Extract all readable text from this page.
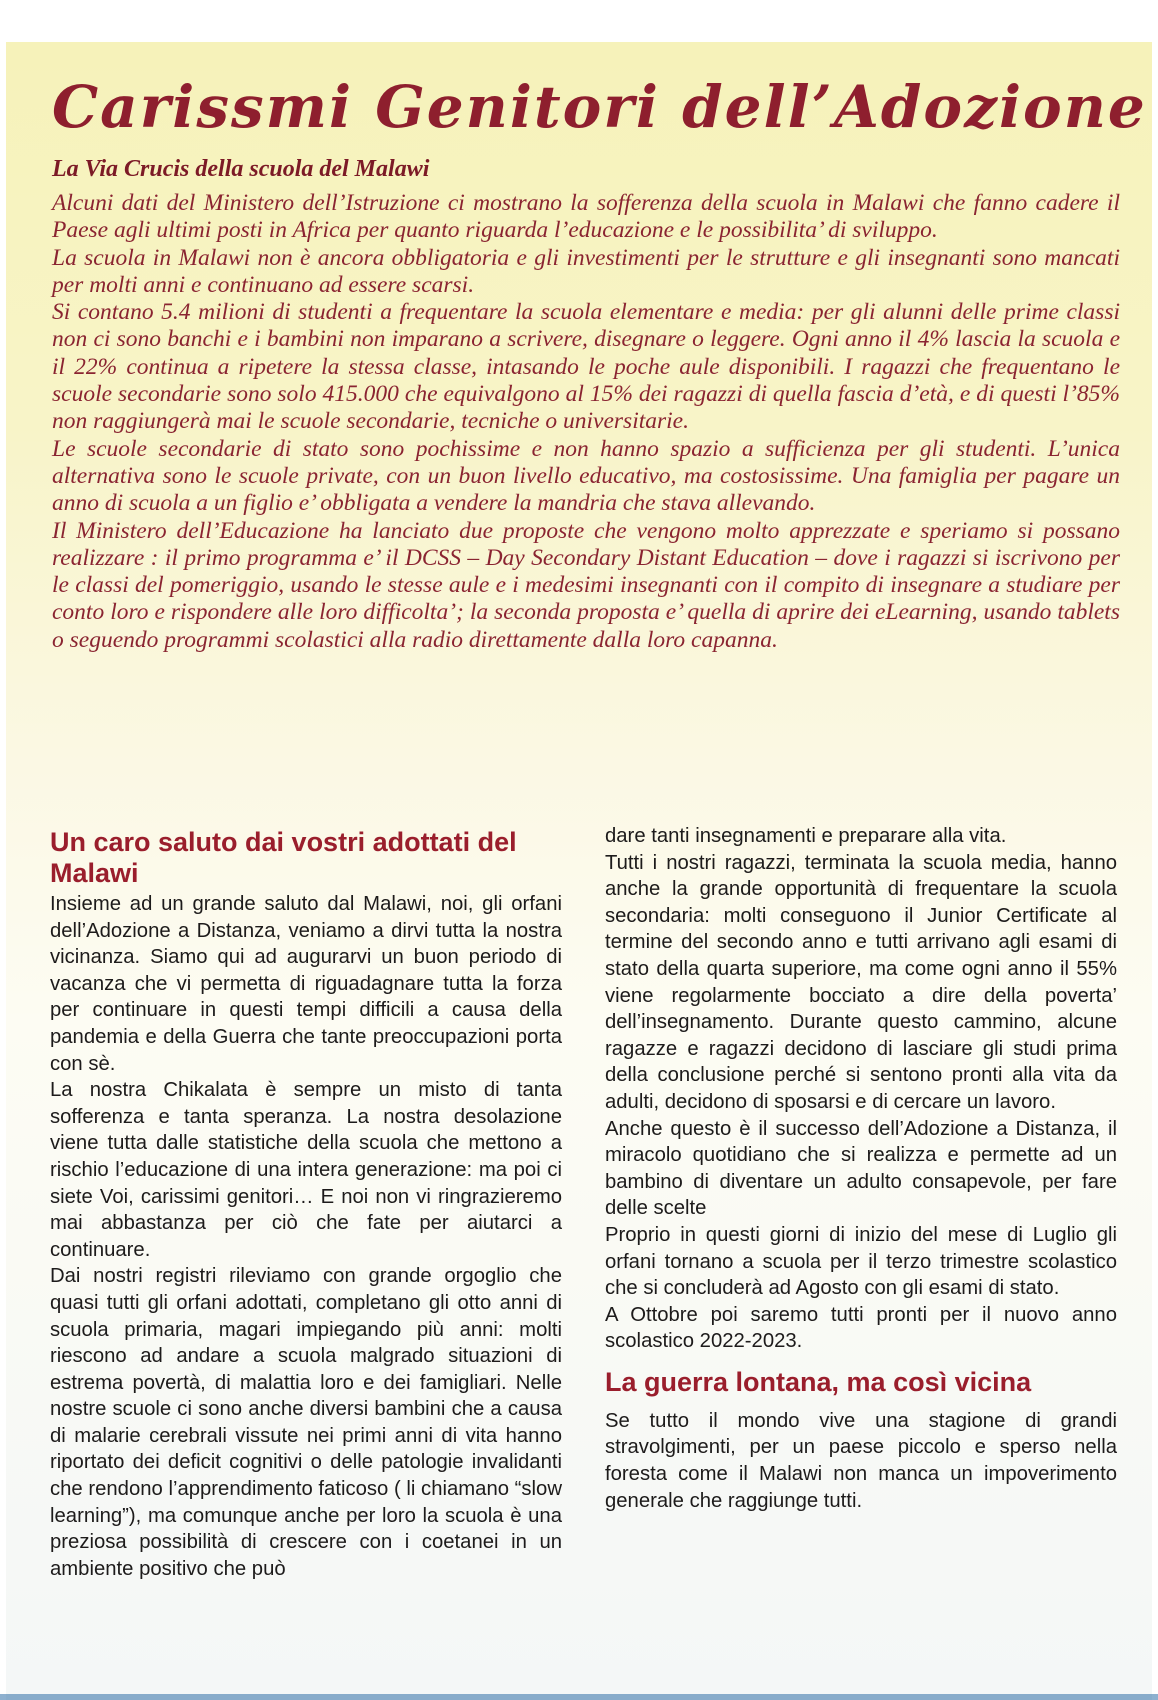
Carissmi Genitori dell’Adozione
La Via Crucis della scuola del Malawi

Alcuni dati del Ministero dell’Istruzione ci mostrano la sofferenza della scuola in Malawi che fanno cadere il Paese agli ultimi posti in Africa per quanto riguarda l’educazione e le possibilita’ di sviluppo.

La scuola in Malawi non è ancora obbligatoria e gli investimenti per le strutture e gli insegnanti sono mancati per molti anni e continuano ad essere scarsi.

Si contano 5.4 milioni di studenti a frequentare la scuola elementare e media: per gli alunni delle prime classi non ci sono banchi e i bambini non imparano a scrivere, disegnare o leggere. Ogni anno il 4% lascia la scuola e il 22% continua a ripetere la stessa classe, intasando le poche aule disponibili. I ragazzi che frequentano le scuole secondarie sono solo 415.000 che equivalgono al 15% dei ragazzi di quella fascia d’età, e di questi l’85% non raggiungerà mai le scuole secondarie, tecniche o universitarie.

Le scuole secondarie di stato sono pochissime e non hanno spazio a sufficienza per gli studenti. L’unica alternativa sono le scuole private, con un buon livello educativo, ma costosissime. Una famiglia per pagare un anno di scuola a un figlio e’ obbligata a vendere la mandria che stava allevando.

Il Ministero dell’Educazione ha lanciato due proposte che vengono molto apprezzate e speriamo si possano realizzare : il primo programma e’ il DCSS – Day Secondary Distant Education – dove i ragazzi si iscrivono per le classi del pomeriggio, usando le stesse aule e i medesimi insegnanti con il compito di insegnare a studiare per conto loro e rispondere alle loro difficolta’; la seconda proposta e’ quella di aprire dei eLearning, usando tablets o seguendo programmi scolastici alla radio direttamente dalla loro capanna.

Un caro saluto dai vostri adottati del Malawi

Insieme ad un grande saluto dal Malawi, noi, gli orfani dell’Adozione a Distanza, veniamo a dirvi tutta la nostra vicinanza. Siamo qui ad augurarvi un buon periodo di vacanza che vi permetta di riguadagnare tutta la forza per continuare in questi tempi difficili a causa della pandemia e della Guerra che tante preoccupazioni porta con sè.

La nostra Chikalata è sempre un misto di tanta sofferenza e tanta speranza. La nostra desolazione viene tutta dalle statistiche della scuola che mettono a rischio l’educazione di una intera generazione: ma poi ci siete Voi, carissimi genitori… E noi non vi ringrazieremo mai abbastanza per ciò che fate per aiutarci a continuare.

Dai nostri registri rileviamo con grande orgoglio che quasi tutti gli orfani adottati, completano gli otto anni di scuola primaria, magari impiegando più anni: molti riescono ad andare a scuola malgrado situazioni di estrema povertà, di malattia loro e dei famigliari. Nelle nostre scuole ci sono anche diversi bambini che a causa di malarie cerebrali vissute nei primi anni di vita hanno riportato dei deficit cognitivi o delle patologie invalidanti che rendono l’apprendimento faticoso ( li chiamano “slow learning”), ma comunque anche per loro la scuola è una preziosa possibilità di crescere con i coetanei in un ambiente positivo che può

dare tanti insegnamenti e preparare alla vita.

Tutti i nostri ragazzi, terminata la scuola media, hanno anche la grande opportunità di frequentare la scuola secondaria: molti conseguono il Junior Certificate al termine del secondo anno e tutti arrivano agli esami di stato della quarta superiore, ma come ogni anno il 55% viene regolarmente bocciato a dire della poverta’ dell’insegnamento. Durante questo cammino, alcune ragazze e ragazzi decidono di lasciare gli studi prima della conclusione perché si sentono pronti alla vita da adulti, decidono di sposarsi e di cercare un lavoro.

Anche questo è il successo dell’Adozione a Distanza, il miracolo quotidiano che si realizza e permette ad un bambino di diventare un adulto consapevole, per fare delle scelte

Proprio in questi giorni di inizio del mese di Luglio gli orfani tornano a scuola per il terzo trimestre scolastico che si concluderà ad Agosto con gli esami di stato.

A Ottobre poi saremo tutti pronti per il nuovo anno scolastico 2022-2023.

La guerra lontana, ma così vicina

Se tutto il mondo vive una stagione di grandi stravolgimenti, per un paese piccolo e sperso nella foresta come il Malawi non manca un impoverimento generale che raggiunge tutti.
